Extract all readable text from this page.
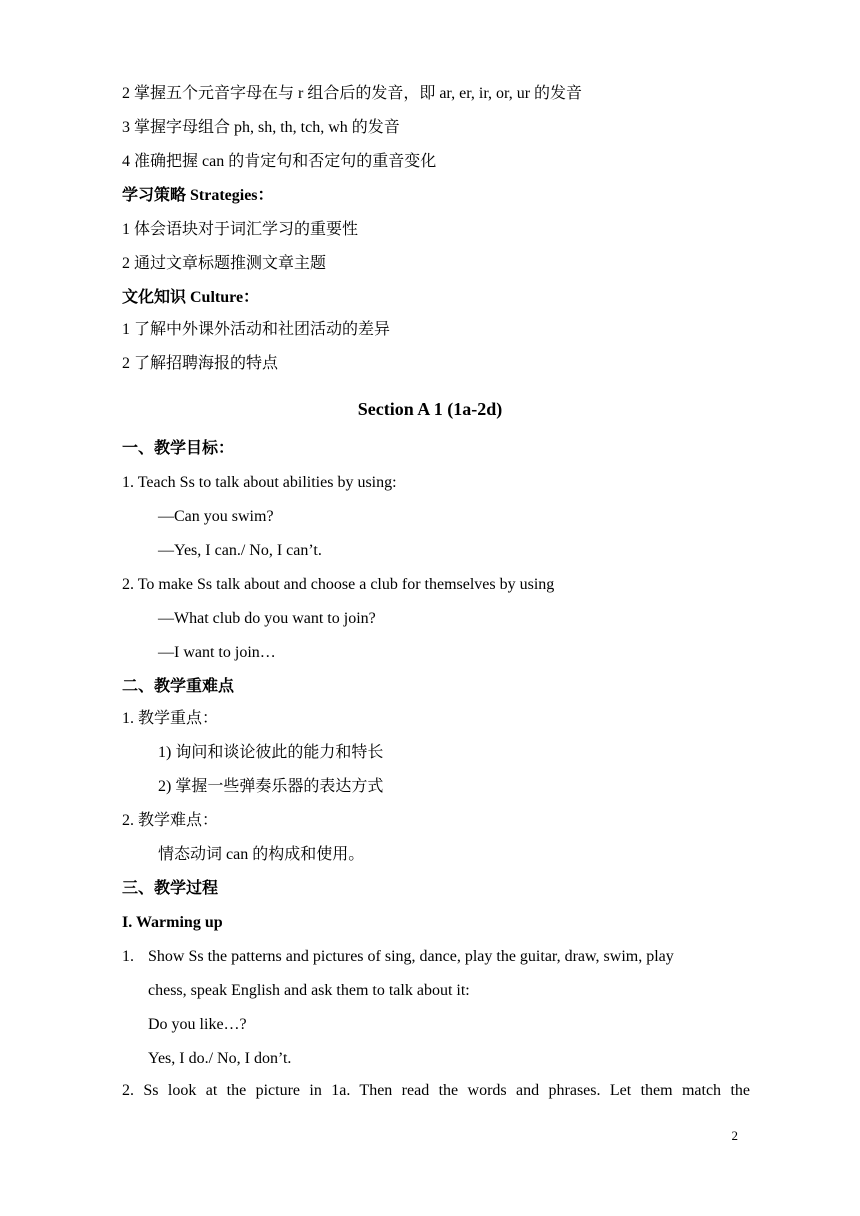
2 掌握五个元音字母在与 r 组合后的发音，即 ar, er, ir, or, ur 的发音
3 掌握字母组合 ph, sh, th, tch, wh 的发音
4 准确把握 can 的肯定句和否定句的重音变化
学习策略 Strategies：
1 体会语块对于词汇学习的重要性
2 通过文章标题推测文章主题
文化知识 Culture：
1 了解中外课外活动和社团活动的差异
2 了解招聘海报的特点
Section A 1 (1a-2d)
一、教学目标：
1. Teach Ss to talk about abilities by using:
—Can you swim?
—Yes, I can./ No, I can’t.
2. To make Ss talk about and choose a club for themselves by using
—What club do you want to join?
—I want to join…
二、教学重难点
1. 教学重点：
1) 询问和谈论彼此的能力和特长
2) 掌握一些弹奏乐器的表达方式
2. 教学难点：
情态动词 can 的构成和使用。
三、教学过程
I. Warming up
1. Show Ss the patterns and pictures of sing, dance, play the guitar, draw, swim, play
chess, speak English and ask them to talk about it:
Do you like…?
Yes, I do./ No, I don’t.
2. Ss look at the picture in 1a. Then read the words and phrases. Let them match the
2
